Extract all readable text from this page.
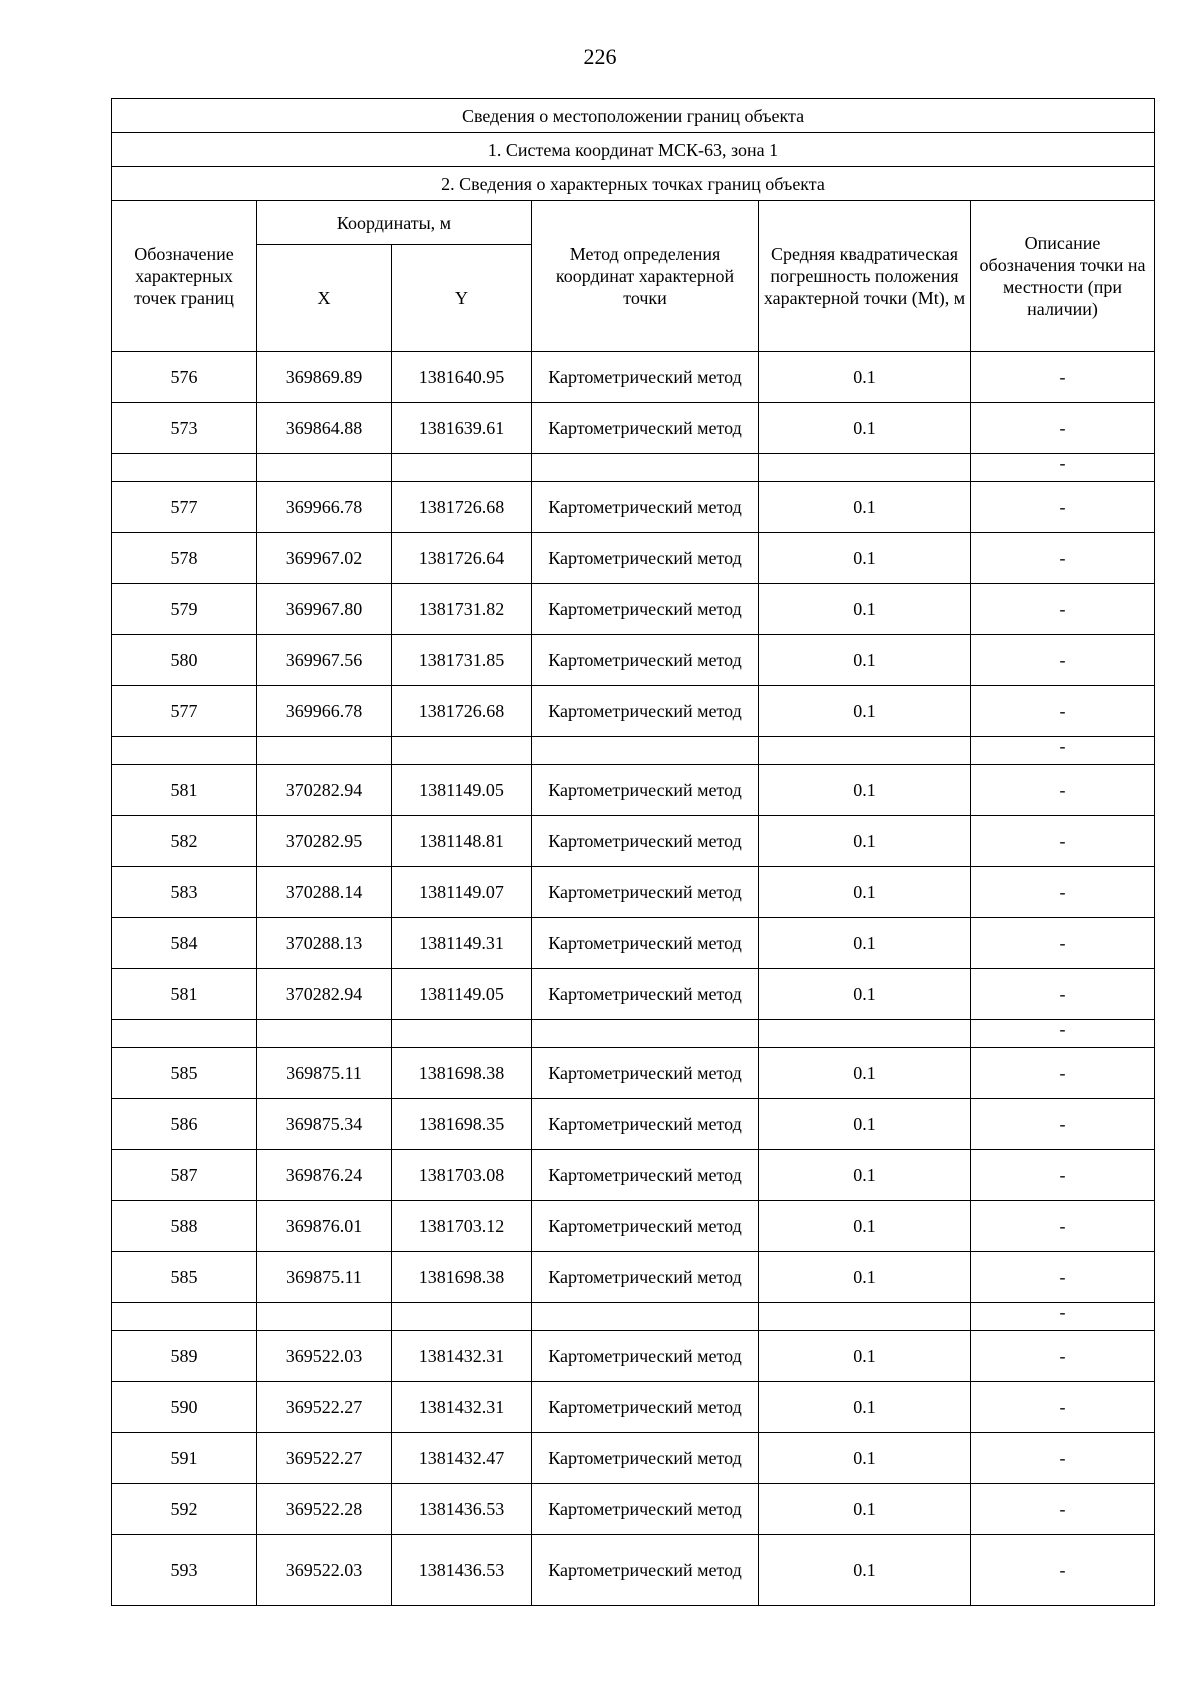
226
Сведения о местоположении границ объекта					
1. Система координат МСК-63, зона 1					
2. Сведения о характерных точках границ объекта					
Обозначение характерных точек границ	Координаты, м		Метод определения координат характерной точки	Средняя квадратическая погрешность положения характерной точки (Mt), м	Описание обозначения точки на местности (при наличии)
	X	Y			
576	369869.89	1381640.95	Картометрический метод	0.1	-
573	369864.88	1381639.61	Картометрический метод	0.1	-
					-
577	369966.78	1381726.68	Картометрический метод	0.1	-
578	369967.02	1381726.64	Картометрический метод	0.1	-
579	369967.80	1381731.82	Картометрический метод	0.1	-
580	369967.56	1381731.85	Картометрический метод	0.1	-
577	369966.78	1381726.68	Картометрический метод	0.1	-
					-
581	370282.94	1381149.05	Картометрический метод	0.1	-
582	370282.95	1381148.81	Картометрический метод	0.1	-
583	370288.14	1381149.07	Картометрический метод	0.1	-
584	370288.13	1381149.31	Картометрический метод	0.1	-
581	370282.94	1381149.05	Картометрический метод	0.1	-
					-
585	369875.11	1381698.38	Картометрический метод	0.1	-
586	369875.34	1381698.35	Картометрический метод	0.1	-
587	369876.24	1381703.08	Картометрический метод	0.1	-
588	369876.01	1381703.12	Картометрический метод	0.1	-
585	369875.11	1381698.38	Картометрический метод	0.1	-
					-
589	369522.03	1381432.31	Картометрический метод	0.1	-
590	369522.27	1381432.31	Картометрический метод	0.1	-
591	369522.27	1381432.47	Картометрический метод	0.1	-
592	369522.28	1381436.53	Картометрический метод	0.1	-
593	369522.03	1381436.53	Картометрический метод	0.1	-
